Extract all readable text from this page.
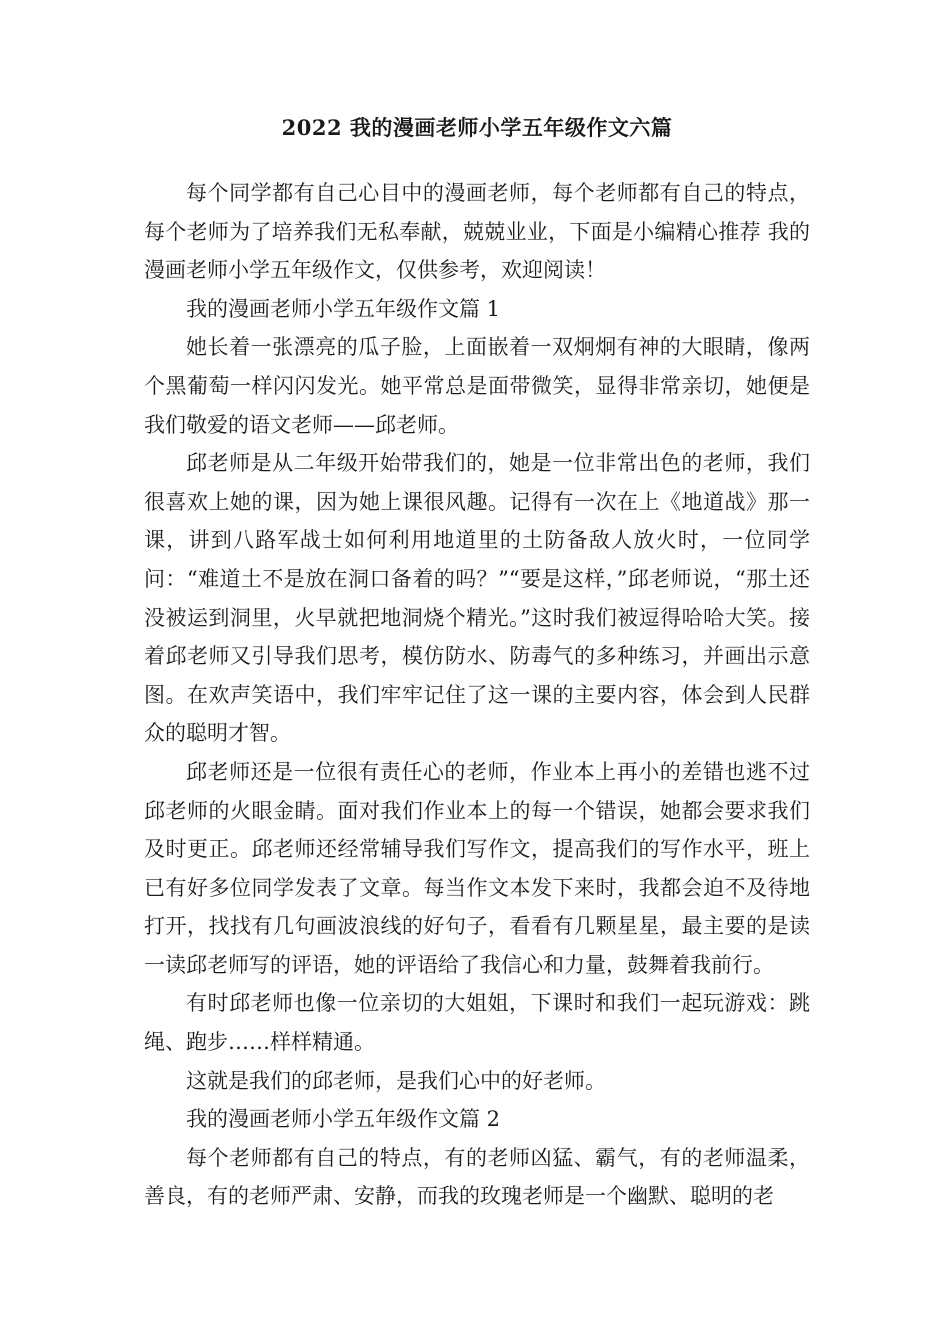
2022 我的漫画老师小学五年级作文六篇

每个同学都有自己心目中的漫画老师，每个老师都有自己的特点，每个老师为了培养我们无私奉献，兢兢业业，下面是小编精心推荐 我的漫画老师小学五年级作文，仅供参考，欢迎阅读！

我的漫画老师小学五年级作文篇 1

她长着一张漂亮的瓜子脸，上面嵌着一双炯炯有神的大眼睛，像两个黑葡萄一样闪闪发光。她平常总是面带微笑，显得非常亲切，她便是我们敬爱的语文老师——邱老师。

邱老师是从二年级开始带我们的，她是一位非常出色的老师，我们很喜欢上她的课，因为她上课很风趣。记得有一次在上《地道战》那一课，讲到八路军战士如何利用地道里的土防备敌人放火时，一位同学问：“难道土不是放在洞口备着的吗？”“要是这样，”邱老师说，“那土还没被运到洞里，火早就把地洞烧个精光。”这时我们被逗得哈哈大笑。接着邱老师又引导我们思考，模仿防水、防毒气的多种练习，并画出示意图。在欢声笑语中，我们牢牢记住了这一课的主要内容，体会到人民群众的聪明才智。

邱老师还是一位很有责任心的老师，作业本上再小的差错也逃不过邱老师的火眼金睛。面对我们作业本上的每一个错误，她都会要求我们及时更正。邱老师还经常辅导我们写作文，提高我们的写作水平，班上已有好多位同学发表了文章。每当作文本发下来时，我都会迫不及待地打开，找找有几句画波浪线的好句子，看看有几颗星星，最主要的是读一读邱老师写的评语，她的评语给了我信心和力量，鼓舞着我前行。

有时邱老师也像一位亲切的大姐姐，下课时和我们一起玩游戏：跳绳、跑步……样样精通。

这就是我们的邱老师，是我们心中的好老师。

我的漫画老师小学五年级作文篇 2

每个老师都有自己的特点，有的老师凶猛、霸气，有的老师温柔，善良，有的老师严肃、安静，而我的玫瑰老师是一个幽默、聪明的老
